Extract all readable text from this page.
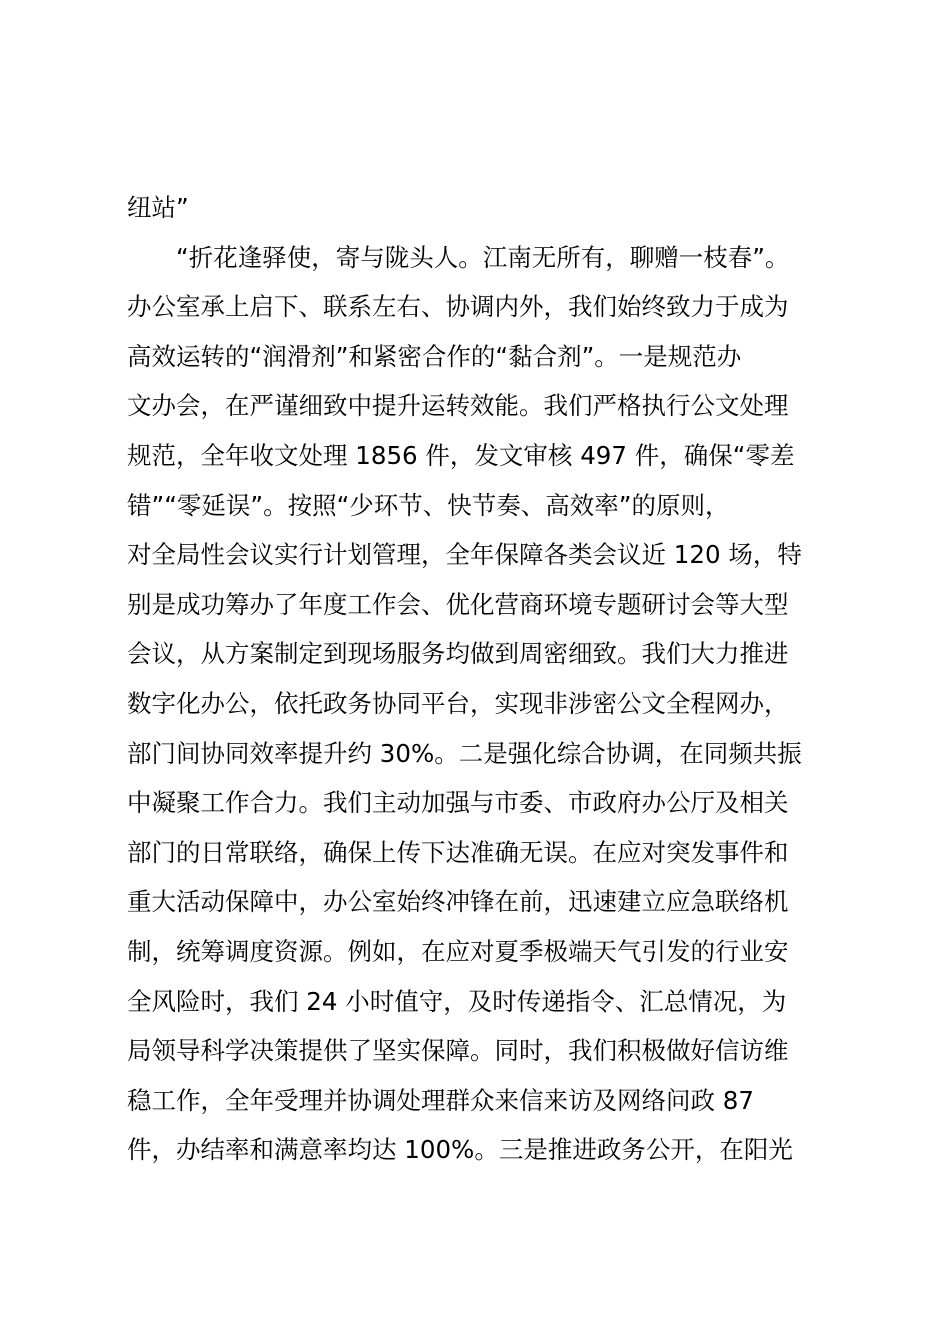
纽站”
“折花逢驿使，寄与陇头人。江南无所有，聊赠一枝春”。
办公室承上启下、联系左右、协调内外，我们始终致力于成为
高效运转的“润滑剂”和紧密合作的“黏合剂”。一是规范办
文办会，在严谨细致中提升运转效能。我们严格执行公文处理
规范，全年收文处理 1856 件，发文审核 497 件，确保“零差
错”“零延误”。按照“少环节、快节奏、高效率”的原则，
对全局性会议实行计划管理，全年保障各类会议近 120 场，特
别是成功筹办了年度工作会、优化营商环境专题研讨会等大型
会议，从方案制定到现场服务均做到周密细致。我们大力推进
数字化办公，依托政务协同平台，实现非涉密公文全程网办，
部门间协同效率提升约 30%。二是强化综合协调，在同频共振
中凝聚工作合力。我们主动加强与市委、市政府办公厅及相关
部门的日常联络，确保上传下达准确无误。在应对突发事件和
重大活动保障中，办公室始终冲锋在前，迅速建立应急联络机
制，统筹调度资源。例如，在应对夏季极端天气引发的行业安
全风险时，我们 24 小时值守，及时传递指令、汇总情况，为
局领导科学决策提供了坚实保障。同时，我们积极做好信访维
稳工作，全年受理并协调处理群众来信来访及网络问政 87
件，办结率和满意率均达 100%。三是推进政务公开，在阳光
